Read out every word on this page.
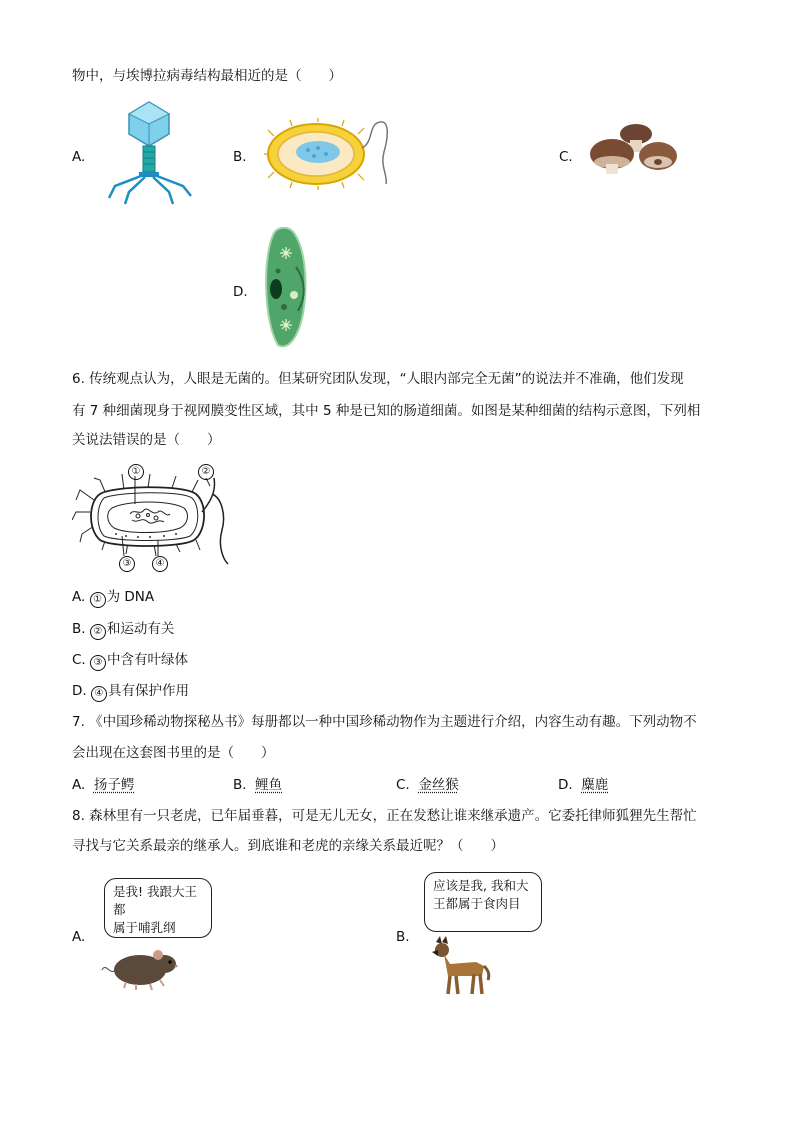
物中，与埃博拉病毒结构最相近的是（　　）
A.	B.	C.
D.
6. 传统观点认为，人眼是无菌的。但某研究团队发现，“人眼内部完全无菌”的说法并不准确，他们发现
有 7 种细菌现身于视网膜变性区域，其中 5 种是已知的肠道细菌。如图是某种细菌的结构示意图，下列相
关说法错误的是（　　）
①	②
③	④
A. ① 为 DNA
B. ② 和运动有关
C. ③ 中含有叶绿体
D. ④ 具有保护作用
7. 《中国珍稀动物探秘丛书》每册都以一种中国珍稀动物作为主题进行介绍，内容生动有趣。下列动物不
会出现在这套图书里的是（　　）
A. 扬子鳄	B. 鲤鱼	C. 金丝猴	D. 麋鹿
8. 森林里有一只老虎，已年届垂暮，可是无儿无女，正在发愁让谁来继承遗产。它委托律师狐狸先生帮忙
寻找与它关系最亲的继承人。到底谁和老虎的亲缘关系最近呢？（　　）
A.
是我! 我跟大王都
属于哺乳纲
B.
应该是我, 我和大
王都属于食肉目
